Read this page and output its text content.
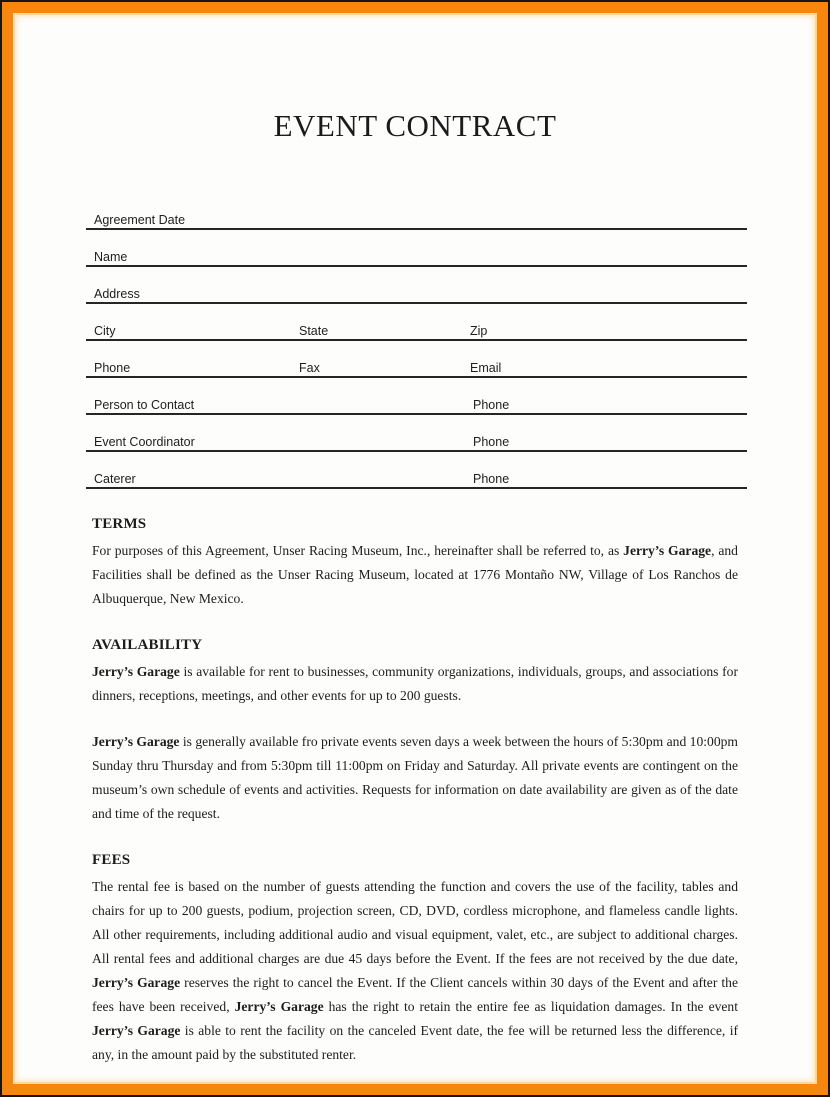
EVENT CONTRACT
Agreement Date
Name
Address
City	State	Zip
Phone	Fax	Email
Person to Contact	Phone
Event Coordinator	Phone
Caterer	Phone
TERMS

For purposes of this Agreement, Unser Racing Museum, Inc., hereinafter shall be referred to, as Jerry’s Garage, and Facilities shall be defined as the Unser Racing Museum, located at 1776 Montaño NW, Village of Los Ranchos de Albuquerque, New Mexico.

AVAILABILITY

Jerry’s Garage is available for rent to businesses, community organizations, individuals, groups, and associations for dinners, receptions, meetings, and other events for up to 200 guests.

Jerry’s Garage is generally available fro private events seven days a week between the hours of 5:30pm and 10:00pm Sunday thru Thursday and from 5:30pm till 11:00pm on Friday and Saturday. All private events are contingent on the museum’s own schedule of events and activities. Requests for information on date availability are given as of the date and time of the request.

FEES

The rental fee is based on the number of guests attending the function and covers the use of the facility, tables and chairs for up to 200 guests, podium, projection screen, CD, DVD, cordless microphone, and flameless candle lights. All other requirements, including additional audio and visual equipment, valet, etc., are subject to additional charges. All rental fees and additional charges are due 45 days before the Event. If the fees are not received by the due date, Jerry’s Garage reserves the right to cancel the Event. If the Client cancels within 30 days of the Event and after the fees have been received, Jerry’s Garage has the right to retain the entire fee as liquidation damages. In the event Jerry’s Garage is able to rent the facility on the canceled Event date, the fee will be returned less the difference, if any, in the amount paid by the substituted renter.
